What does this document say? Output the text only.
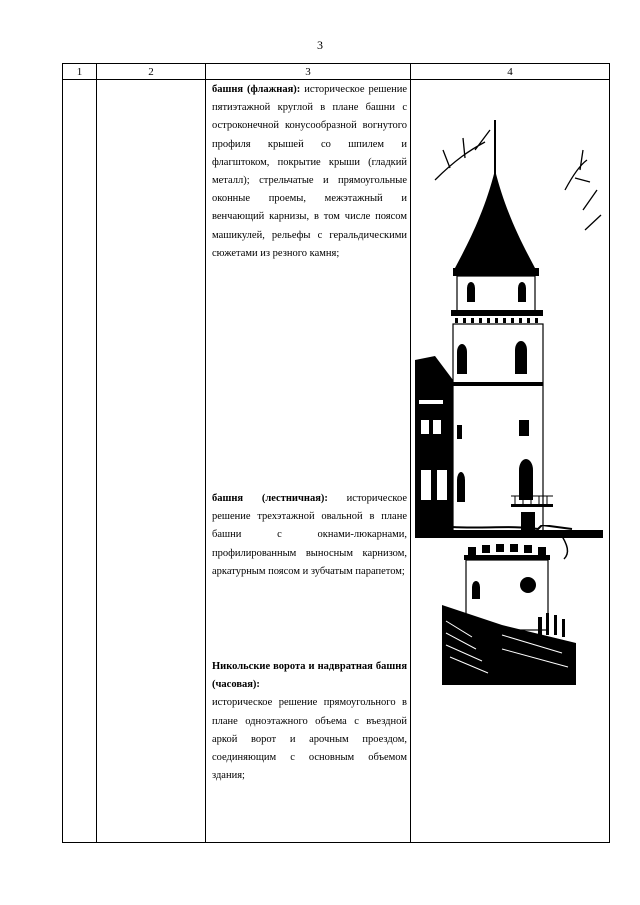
3
1	2	3	4

		башня (флажная): историческое решение пятиэтажной круглой в плане башни с остроконечной конусообразной вогнутого профиля крышей со шпилем и флагштоком, покрытие крыши (гладкий металл); стрельчатые и прямоугольные оконные проемы, межэтажный и венчающий карнизы, в том числе поясом машикулей, рельефы с геральдическими сюжетами из резного камня;
башня (лестничная): историческое решение трехэтажной овальной в плане башни с окнами-люкарнами, профилированным выносным карнизом, аркатурным поясом и зубчатым парапетом;
Никольские ворота и надвратная башня (часовая):
историческое решение прямоугольного в плане одноэтажного объема с въездной аркой ворот и арочным проездом, соединяющим с основным объемом здания;
